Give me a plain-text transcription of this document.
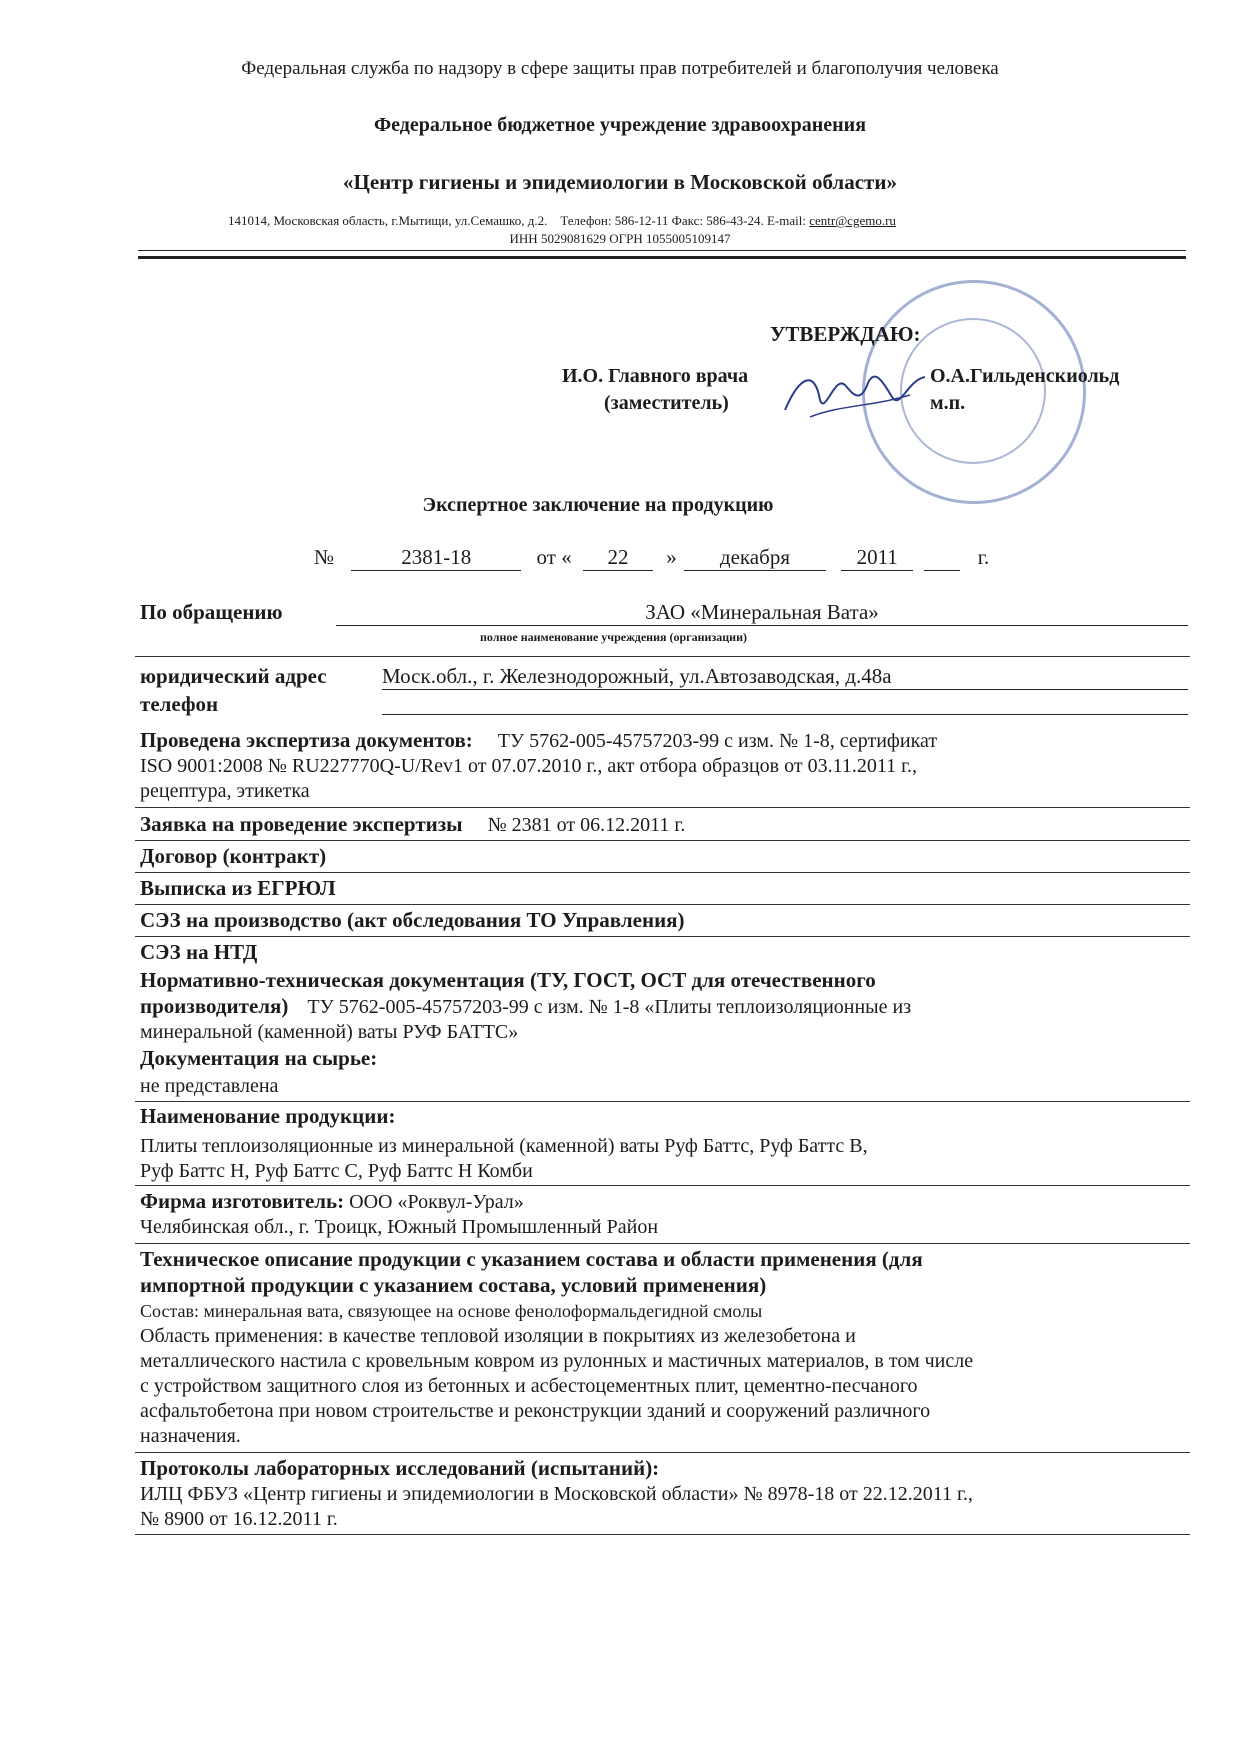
Федеральная служба по надзору в сфере защиты прав потребителей и благополучия человека
Федеральное бюджетное учреждение здравоохранения
«Центр гигиены и эпидемиологии в Московской области»
141014, Московская область, г.Мытищи, ул.Семашко, д.2. Телефон: 586-12-11 Факс: 586-43-24. E-mail: centr@cgemo.ru
ИНН 5029081629 ОГРН 1055005109147
УТВЕРЖДАЮ:
И.О. Главного врача
(заместитель)
О.А.Гильденскиольд
м.п.
Экспертное заключение на продукцию
№	2381-18	от « 22 » декабря	2011	г.
По обращению	ЗАО «Минеральная Вата»
полное наименование учреждения (организации)
юридический адрес	Моск.обл., г. Железнодорожный, ул.Автозаводская, д.48а
телефон
Проведена экспертиза документов: ТУ 5762-005-45757203-99 с изм. № 1-8, сертификат
ISO 9001:2008 № RU227770Q-U/Rev1 от 07.07.2010 г., акт отбора образцов от 03.11.2011 г.,
рецептура, этикетка
Заявка на проведение экспертизы № 2381 от 06.12.2011 г.
Договор (контракт)
Выписка из ЕГРЮЛ
СЭЗ на производство (акт обследования ТО Управления)
СЭЗ на НТД
Нормативно-техническая документация (ТУ, ГОСТ, ОСТ для отечественного
производителя) ТУ 5762-005-45757203-99 с изм. № 1-8 «Плиты теплоизоляционные из
минеральной (каменной) ваты РУФ БАТТС»
Документация на сырье:
не представлена
Наименование продукции:
Плиты теплоизоляционные из минеральной (каменной) ваты Руф Баттс, Руф Баттс В,
Руф Баттс Н, Руф Баттс С, Руф Баттс Н Комби
Фирма изготовитель: ООО «Роквул-Урал»
Челябинская обл., г. Троицк, Южный Промышленный Район
Техническое описание продукции с указанием состава и области применения (для
импортной продукции с указанием состава, условий применения)
Состав: минеральная вата, связующее на основе фенолоформальдегидной смолы
Область применения: в качестве тепловой изоляции в покрытиях из железобетона и
металлического настила с кровельным ковром из рулонных и мастичных материалов, в том числе
с устройством защитного слоя из бетонных и асбестоцементных плит, цементно-песчаного
асфальтобетона при новом строительстве и реконструкции зданий и сооружений различного
назначения.
Протоколы лабораторных исследований (испытаний):
ИЛЦ ФБУЗ «Центр гигиены и эпидемиологии в Московской области» № 8978-18 от 22.12.2011 г.,
№ 8900 от 16.12.2011 г.
